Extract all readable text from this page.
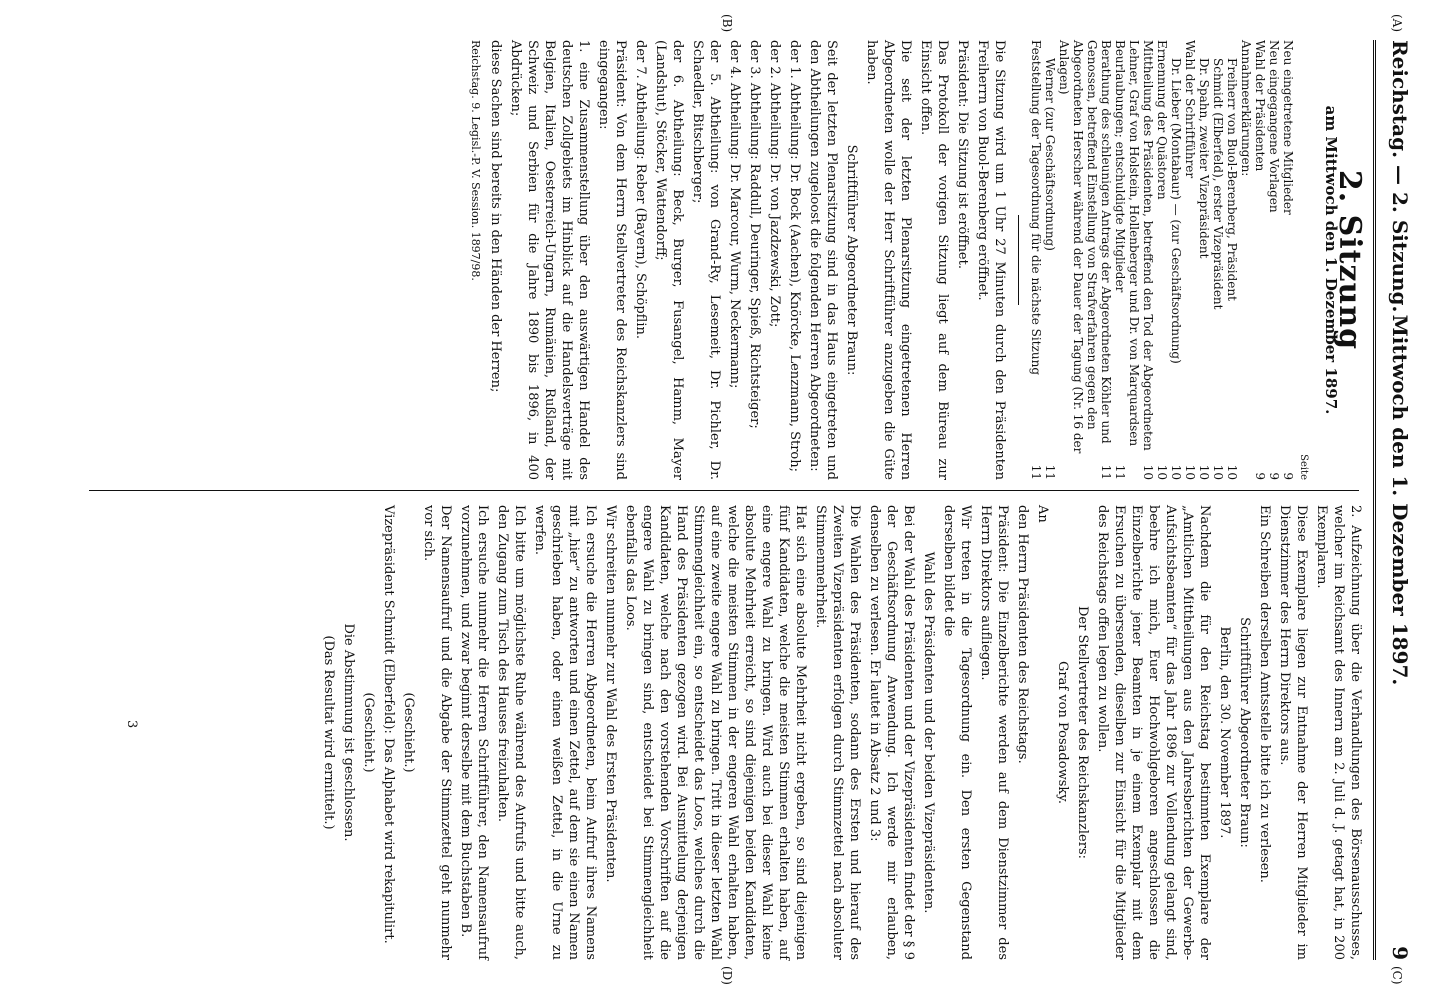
Reichstag. — 2. Sitzung.
Mittwoch den 1. Dezember 1897.
9
(A)
(B)
(C)
(D)
2. Sitzung
am Mittwoch den 1. Dezember 1897.
Seite
Neu eingetretene Mitglieder
9
Neu eingegangene Vorlagen
9
Wahl der Präsidenten
9
Annahmeerklärungen:
Freiherr von Buol-Berenberg, Präsident
10
Schmidt (Elberfeld), erster Vizepräsident
10
Dr. Spahn, zweiter Vizepräsident
10
Wahl der Schriftführer
10
Dr. Lieber (Montabaur) — (zur Geschäftsordnung)
10
Ernennung der Quästoren
10
Mittheilung des Präsidenten, betreffend den Tod der Abgeordneten Lehner, Graf von Holstein, Hollenberger und Dr. von Marquardsen
10
Beurlaubungen; entschuldigte Mitglieder
11
Berathung des schleunigen Antrags der Abgeordneten Köhler und Genossen, betreffend Einstellung von Strafverfahren gegen den Abgeordneten Herscher während der Dauer der Tagung (Nr. 16 der Anlagen)
11
Werner (zur Geschäftsordnung)
11
Feststellung der Tagesordnung für die nächste Sitzung
11

Die Sitzung wird um 1 Uhr 27 Minuten durch den Präsidenten Freiherrn von Buol-Berenberg eröffnet.

Präsident: Die Sitzung ist eröffnet.

Das Protokoll der vorigen Sitzung liegt auf dem Büreau zur Einsicht offen.

Die seit der letzten Plenarsitzung eingetretenen Herren Abgeordneten wolle der Herr Schriftführer anzugeben die Güte haben.

Schriftführer Abgeordneter Braun:

Seit der letzten Plenarsitzung sind in das Haus eingetreten und den Abtheilungen zugeloost die folgenden Herren Abgeordneten:

der 1. Abtheilung: Dr. Bock (Aachen), Knörcke, Lenzmann, Stroh;

der 2. Abtheilung: Dr. von Jazdzewski, Zott;

der 3. Abtheilung: Raddull, Deuringer, Spieß, Richtsteiger;

der 4. Abtheilung: Dr. Marcour, Wurm, Neckermann;

der 5. Abtheilung: von Grand-Ry, Lesemeit, Dr. Pichler, Dr. Schaedler, Bitschberger;

der 6. Abtheilung: Beck, Burger, Fusangel, Hamm, Mayer (Landshut), Stöcker, Wattendorff;

der 7. Abtheilung: Reber (Bayern), Schöpflin.

Präsident: Von dem Herrn Stellvertreter des Reichskanzlers sind eingegangen:

1. eine Zusammenstellung über den auswärtigen Handel des deutschen Zollgebiets im Hinblick auf die Handelsverträge mit Belgien, Italien, Oesterreich-Ungarn, Rumänien, Rußland, der Schweiz und Serbien für die Jahre 1890 bis 1896, in 400 Abdrücken;

diese Sachen sind bereits in den Händen der Herren;

Reichstag. 9. Legisl.-P. V. Session. 1897/98.

2. Aufzeichnung über die Verhandlungen des Börsenausschusses, welcher im Reichsamt des Innern am 2. Juli d. J. getagt hat, in 200 Exemplaren.

Diese Exemplare liegen zur Entnahme der Herren Mitglieder im Dienstzimmer des Herrn Direktors aus.

Ein Schreiben derselben Amtsstelle bitte ich zu verlesen.

Schriftführer Abgeordneter Braun:

Berlin, den 30. November 1897.

Nachdem die für den Reichstag bestimmten Exemplare der „Amtlichen Mittheilungen aus den Jahresberichten der Gewerbe-Aufsichtsbeamten“ für das Jahr 1896 zur Vollendung gelangt sind, beehre ich mich, Euer Hochwohlgeboren angeschlossen die Einzelberichte jener Beamten in je einem Exemplar mit dem Ersuchen zu übersenden, dieselben zur Einsicht für die Mitglieder des Reichstags offen legen zu wollen.

Der Stellvertreter des Reichskanzlers:

Graf von Posadowsky.

An

den Herrn Präsidenten des Reichstags.

Präsident: Die Einzelberichte werden auf dem Dienstzimmer des Herrn Direktors aufliegen.

Wir treten in die Tagesordnung ein. Den ersten Gegenstand derselben bildet die

Wahl des Präsidenten und der beiden Vizepräsidenten.

Bei der Wahl des Präsidenten und der Vizepräsidenten findet der § 9 der Geschäftsordnung Anwendung. Ich werde mir erlauben, denselben zu verlesen. Er lautet in Absatz 2 und 3:

Die Wahlen des Präsidenten, sodann des Ersten und hierauf des Zweiten Vizepräsidenten erfolgen durch Stimmzettel nach absoluter Stimmenmehrheit.

Hat sich eine absolute Mehrheit nicht ergeben, so sind diejenigen fünf Kandidaten, welche die meisten Stimmen erhalten haben, auf eine engere Wahl zu bringen. Wird auch bei dieser Wahl keine absolute Mehrheit erreicht, so sind diejenigen beiden Kandidaten, welche die meisten Stimmen in der engeren Wahl erhalten haben, auf eine zweite engere Wahl zu bringen. Tritt in dieser letzten Wahl Stimmengleichheit ein, so entscheidet das Loos, welches durch die Hand des Präsidenten gezogen wird. Bei Ausmittelung derjenigen Kandidaten, welche nach den vorstehenden Vorschriften auf die engere Wahl zu bringen sind, entscheidet bei Stimmengleichheit ebenfalls das Loos.

Wir schreiten nunmehr zur Wahl des Ersten Präsidenten.

Ich ersuche die Herren Abgeordneten, beim Aufruf ihres Namens mit „hier“ zu antworten und einen Zettel, auf dem sie einen Namen geschrieben haben, oder einen weißen Zettel, in die Urne zu werfen.

Ich bitte um möglichste Ruhe während des Aufrufs und bitte auch, den Zugang zum Tisch des Hauses freizuhalten.

Ich ersuche nunmehr die Herren Schriftführer, den Namensaufruf vorzunehmen, und zwar beginnt derselbe mit dem Buchstaben B.

Der Namensaufruf und die Abgabe der Stimmzettel geht nunmehr vor sich.

(Geschieht.)

Vizepräsident Schmidt (Elberfeld): Das Alphabet wird rekapitulirt.

(Geschieht.)

Die Abstimmung ist geschlossen.

(Das Resultat wird ermittelt.)

3
